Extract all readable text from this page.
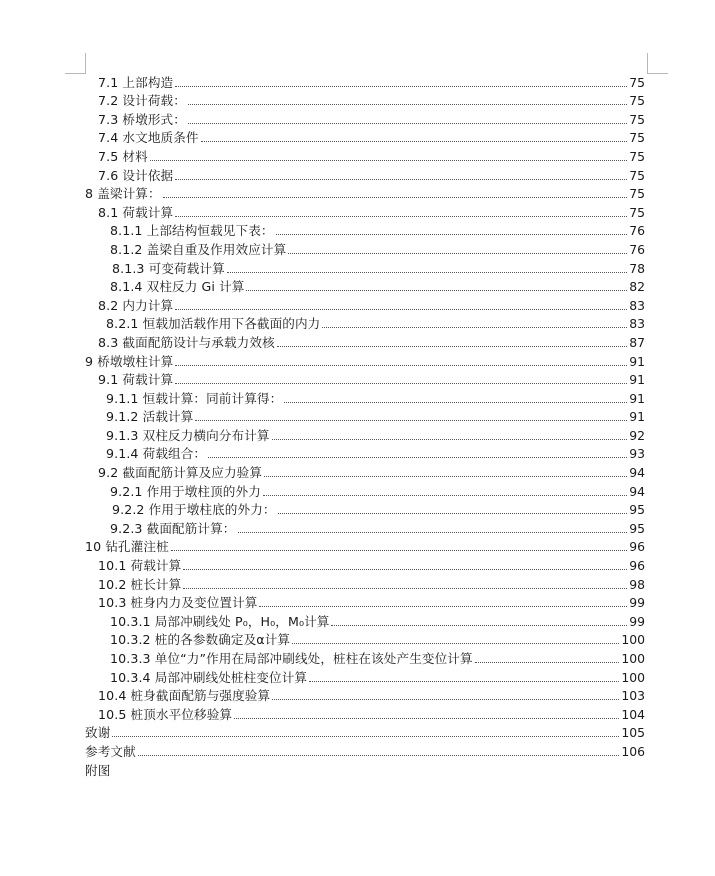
7.1 上部构造	75
7.2 设计荷载：	75
7.3 桥墩形式：	75
7.4 水文地质条件	75
7.5 材料	75
7.6 设计依据	75
8 盖梁计算：	75
8.1 荷载计算	75
8.1.1 上部结构恒载见下表：	76
8.1.2 盖梁自重及作用效应计算	76
8.1.3 可变荷载计算	78
8.1.4 双柱反力 Gi 计算	82
8.2 内力计算	83
8.2.1 恒载加活载作用下各截面的内力	83
8.3 截面配筋设计与承载力效核	87
9 桥墩墩柱计算	91
9.1 荷载计算	91
9.1.1 恒载计算：同前计算得：	91
9.1.2 活载计算	91
9.1.3 双柱反力横向分布计算	92
9.1.4 荷载组合：	93
9.2 截面配筋计算及应力验算	94
9.2.1 作用于墩柱顶的外力	94
9.2.2 作用于墩柱底的外力：	95
9.2.3 截面配筋计算：	95
10 钻孔灌注桩	96
10.1 荷载计算	96
10.2 桩长计算	98
10.3 桩身内力及变位置计算	99
10.3.1 局部冲刷线处 P₀，H₀，M₀计算	99
10.3.2 桩的各参数确定及α计算	100
10.3.3 单位“力”作用在局部冲刷线处，桩柱在该处产生变位计算	100
10.3.4 局部冲刷线处桩柱变位计算	100
10.4 桩身截面配筋与强度验算	103
10.5 桩顶水平位移验算	104
致谢	105
参考文献	106
附图
